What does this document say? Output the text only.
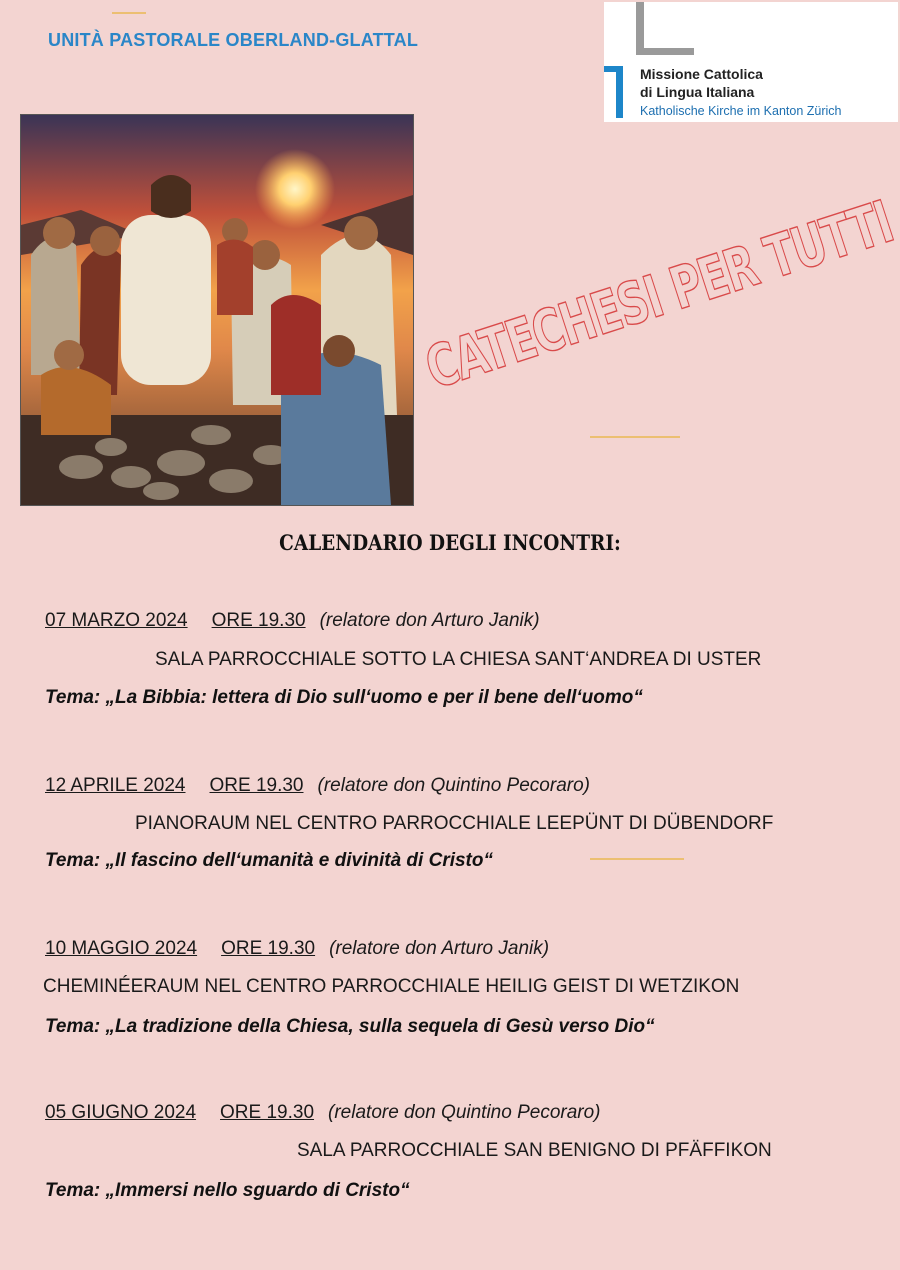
UNITÀ PASTORALE OBERLAND-GLATTAL
Missione Cattolica
di Lingua Italiana
Katholische Kirche im Kanton Zürich
CATECHESI PER TUTTI
CALENDARIO DEGLI INCONTRI:
07 MARZO 2024 ORE 19.30 (relatore don Arturo Janik)
SALA PARROCCHIALE SOTTO LA CHIESA SANT‘ANDREA DI USTER
Tema: „La Bibbia: lettera di Dio sull‘uomo e per il bene dell‘uomo“
12 APRILE 2024 ORE 19.30 (relatore don Quintino Pecoraro)
PIANORAUM NEL CENTRO PARROCCHIALE LEEPÜNT DI DÜBENDORF
Tema: „Il fascino dell‘umanità e divinità di Cristo“
10 MAGGIO 2024 ORE 19.30 (relatore don Arturo Janik)
CHEMINÉERAUM NEL CENTRO PARROCCHIALE HEILIG GEIST DI WETZIKON
Tema: „La tradizione della Chiesa, sulla sequela di Gesù verso Dio“
05 GIUGNO 2024 ORE 19.30 (relatore don Quintino Pecoraro)
SALA PARROCCHIALE SAN BENIGNO DI PFÄFFIKON
Tema: „Immersi nello sguardo di Cristo“
